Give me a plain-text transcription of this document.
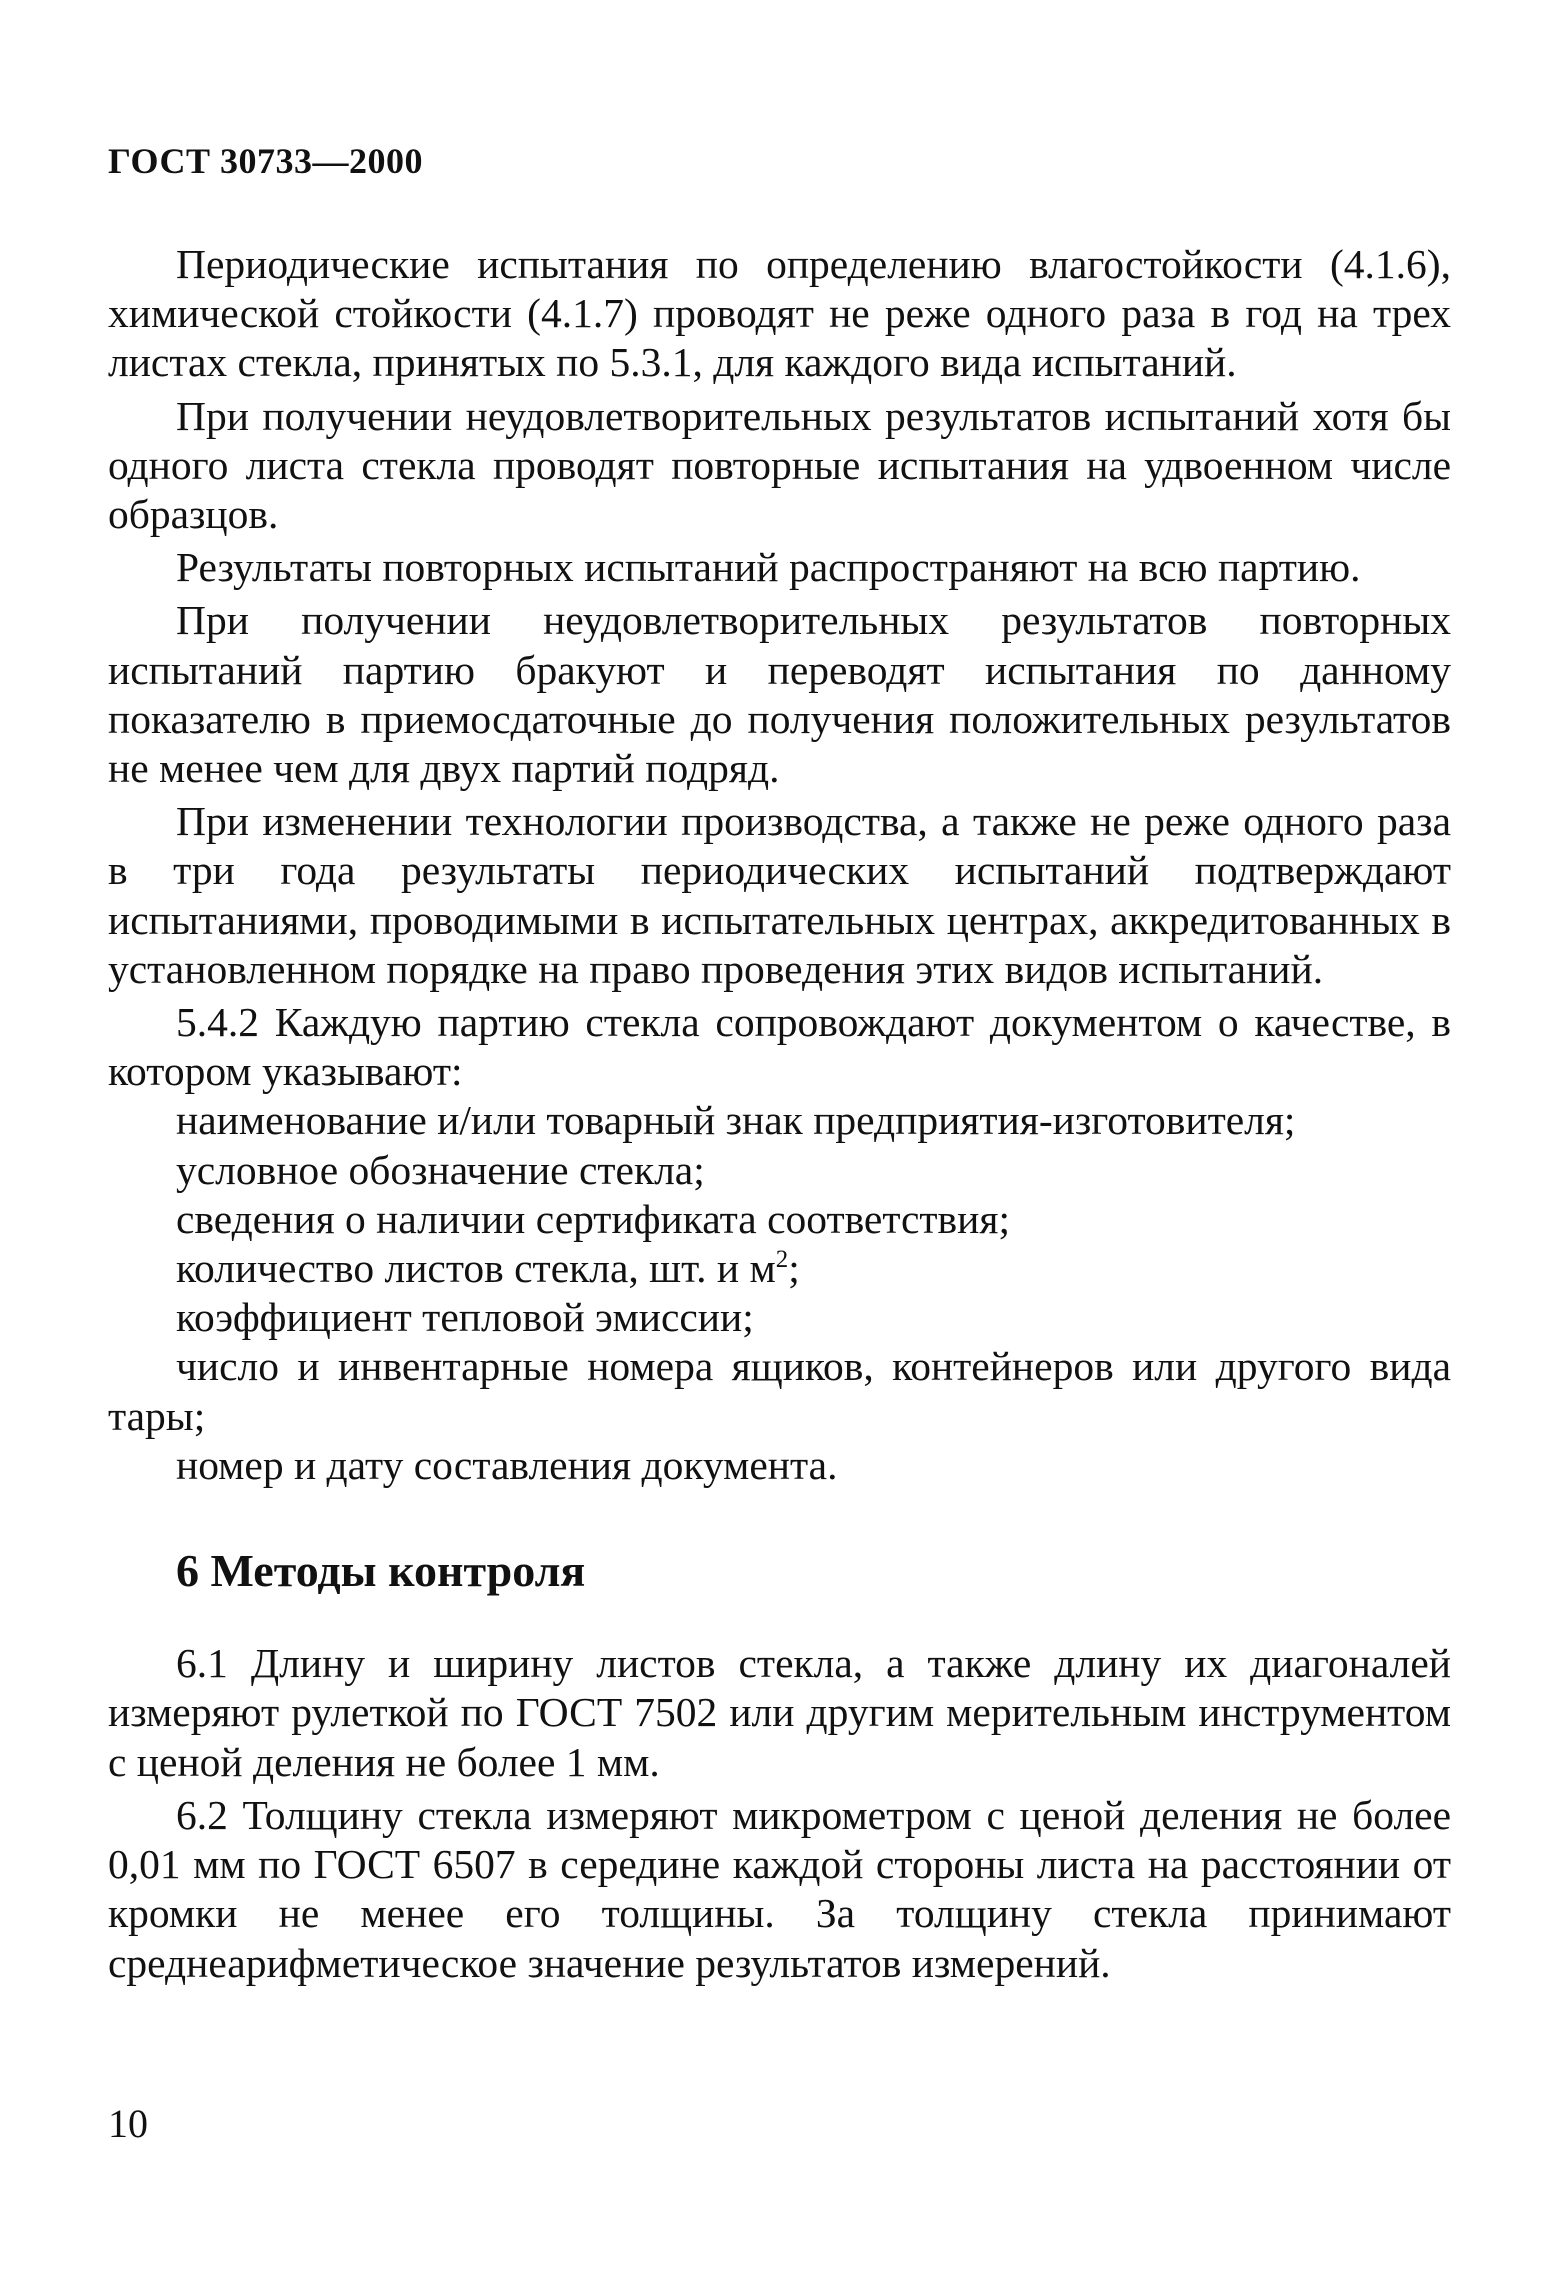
ГОСТ 30733—2000

Периодические испытания по определению влагостойкости (4.1.6), химической стойкости (4.1.7) проводят не реже одного раза в год на трех листах стекла, принятых по 5.3.1, для каждого вида испытаний.

При получении неудовлетворительных результатов испытаний хотя бы одного листа стекла проводят повторные испытания на удвоенном числе образцов.

Результаты повторных испытаний распространяют на всю партию.

При получении неудовлетворительных результатов повторных испытаний партию бракуют и переводят испытания по данному показателю в приемосдаточные до получения положительных результатов не менее чем для двух партий подряд.

При изменении технологии производства, а также не реже одного раза в три года результаты периодических испытаний подтверждают испытаниями, проводимыми в испытательных центрах, аккредитованных в установленном порядке на право проведения этих видов испытаний.

5.4.2 Каждую партию стекла сопровождают документом о качестве, в котором указывают:

наименование и/или товарный знак предприятия-изготовителя;
условное обозначение стекла;
сведения о наличии сертификата соответствия;
количество листов стекла, шт. и $м^2$;
коэффициент тепловой эмиссии;
число и инвентарные номера ящиков, контейнеров или другого вида тары;
номер и дату составления документа.
6 Методы контроля

6.1 Длину и ширину листов стекла, а также длину их диагоналей измеряют рулеткой по ГОСТ 7502 или другим мерительным инструментом с ценой деления не более 1 мм.

6.2 Толщину стекла измеряют микрометром с ценой деления не более 0,01 мм по ГОСТ 6507 в середине каждой стороны листа на расстоянии от кромки не менее его толщины. За толщину стекла принимают среднеарифметическое значение результатов измерений.

10
